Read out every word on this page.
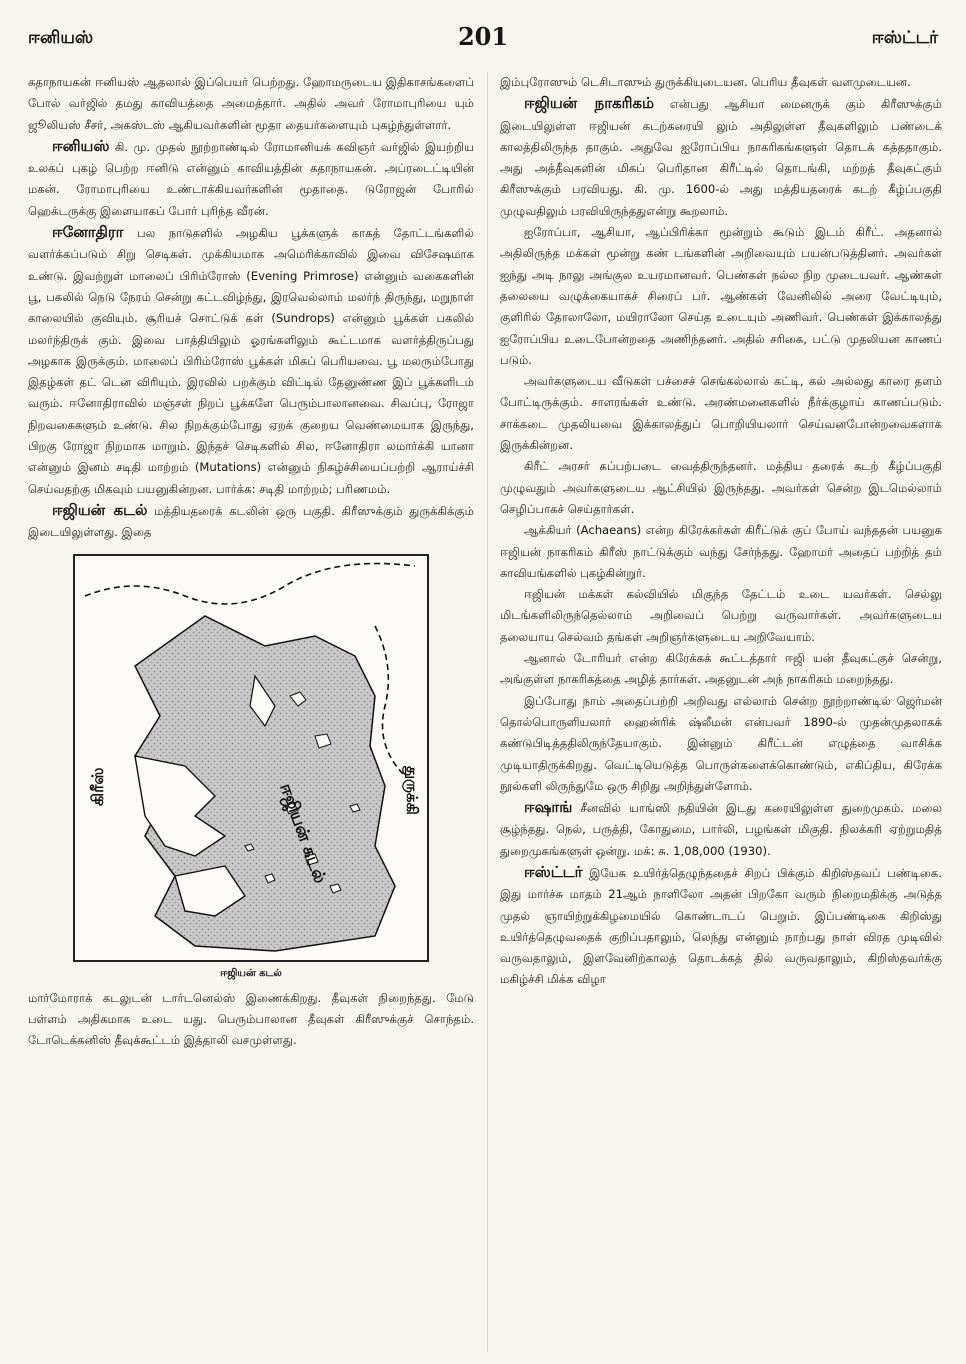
ஈனியஸ்	201	ஈஸ்ட்டர்

கதாநாயகன் ஈனியஸ் ஆதலால் இப்பெயர் பெற்றது. ஹோமருடைய இதிகாசங்களைப் போல் வர்ஜில் தமது காவியத்தை அமைத்தார். அதில் அவர் ரோமாபுரியை யும் ஜூலியஸ் சீசர், அகஸ்டஸ் ஆகியவர்களின் மூதா தையர்களையும் புகழ்ந்துள்ளார்.

ஈனியஸ் கி. மு. முதல் நூற்றாண்டில் ரோமானியக் கவிஞர் வர்ஜில் இயற்றிய உலகப் புகழ் பெற்ற ஈனிடு என்னும் காவியத்தின் கதாநாயகன். அப்ரடைட்டியின் மகன். ரோமாபுரியை உண்டாக்கியவர்களின் மூதாதை. டுரோஜன் போரில் ஹெக்டருக்கு இளையாகப் போர் புரிந்த வீரன்.

ஈனோதிரா பல நாடுகளில் அழகிய பூக்களுக் காகத் தோட்டங்களில் வளர்க்கப்படும் சிறு செடிகள். முக்கியமாக அமெரிக்காவில் இவை விசேஷமாக உண்டு. இவற்றுள் மாலைப் பிரிம்ரோஸ் (Evening Primrose) என்னும் வகைகளின் பூ, பகலில் நெடு நேரம் சென்று கட்டவிழ்ந்து, இரவெல்லாம் மலர்ந் திருந்து, மறுநாள் காலையில் குவியும். சூரியச் சொட்டுக் கள் (Sundrops) என்னும் பூக்கள் பகலில் மலர்ந்திருக் கும். இவை பாத்தியிலும் ஓரங்களிலும் கூட்டமாக வளர்த்திருப்பது அழகாக இருக்கும். மாலைப் பிரிம்ரோஸ் பூக்கள் மிகப் பெரியவை. பூ மலரும்போது இதழ்கள் தட் டென விரியும். இரவில் பறக்கும் விட்டில் தேனுண்ண இப் பூக்களிடம் வரும். ஈனோதிராவில் மஞ்சள் நிறப் பூக்களே பெரும்பாலானவை. சிவப்பு, ரோஜா நிறவகைகளும் உண்டு. சில நிறக்கும்போது ஏறக் குறைய வெண்மையாக இருந்து, பிறகு ரோஜா நிறமாக மாறும். இந்தச் செடிகளில் சில, ஈனோதிரா லமார்க்கி யானா என்னும் இனம் சடிதி மாற்றம் (Mutations) என்னும் நிகழ்ச்சியைப்பற்றி ஆராய்ச்சி செய்வதற்கு மிகவும் பயனுகின்றன. பார்க்க: சடிதி மாற்றம்; பரிணமம்.

ஈஜியன் கடல் மத்தியதரைக் கடலின் ஒரு பகுதி. கிரீஸுக்கும் துருக்கிக்கும் இடையிலுள்ளது. இதை

கிரீஸ்	துருக்கி
ஈஜியன் கடல்
ஈஜியன் கடல்

மார்மோராக் கடலுடன் டார்டனெல்ஸ் இணைக்கிறது. தீவுகள் நிறைந்தது. மேடு பள்ளம் அதிகமாக உடை யது. பெரும்பாலான தீவுகள் கிரீஸுக்குச் சொந்தம். டோடெக்கனிஸ் தீவுக்கூட்டம் இத்தாலி வசமுள்ளது.

இம்புரோஸும் டெசிடாஸும் துருக்கியுடையன. பெரிய தீவுகள் வளமுடையன.

ஈஜியன் நாகரிகம் என்பது ஆசியா மைனருக் கும் கிரீஸுக்கும் இடையிலுள்ள ஈஜியன் கடற்கரையி லும் அதிலுள்ள தீவுகளிலும் பண்டைக் காலத்திலிருந்த தாகும். அதுவே ஐரோப்பிய நாகரிகங்களுள் தொடக் கத்ததாகும். அது அத்தீவுகளின் மிகப் பெரிதான கிரீட்டில் தொடங்கி, மற்றத் தீவுகட்கும் கிரீஸுக்கும் பரவியது. கி. மு. 1600-ல் அது மத்தியதரைக் கடற் கீழ்ப்பகுதி முழுவதிலும் பரவியிருந்ததுஎன்று கூறலாம்.

ஐரோப்பா, ஆசியா, ஆப்பிரிக்கா மூன்றும் கூடும் இடம் கிரீட். அதனால் அதிலிருந்த மக்கள் மூன்று கண் டங்களின் அறிவையும் பயன்படுத்தினர். அவர்கள் ஐந்து அடி நாலு அங்குல உயரமானவர். பெண்கள் நல்ல நிற முடையவர். ஆண்கள் தலையை வழுக்கையாகச் சிரைப் பர். ஆண்கள் வேனிலில் அரை வேட்டியும், குளிரில் தோலாலோ, மயிராலோ செய்த உடையும் அணிவர். பெண்கள் இக்காலத்து ஐரோப்பிய உடைபோன்றதை அணிந்தனர். அதில் சரிகை, பட்டு முதலியன காணப் படும்.

அவர்களுடைய வீடுகள் பச்சைச் செங்கல்லால் கட்டி, கல் அல்லது காரை தளம் போட்டிருக்கும். சாளரங்கள் உண்டு. அரண்மனைகளில் நீர்க்குழாய் காணப்படும். சாக்கடை முதலியவை இக்காலத்துப் பொறியியலார் செய்வனபோன்றவைகளாக இருக்கின்றன.

கிரீட் அரசர் கப்பற்படை வைத்திருந்தனர். மத்திய தரைக் கடற் கீழ்ப்பகுதி முழுவதும் அவர்களுடைய ஆட்சியில் இருந்தது. அவர்கள் சென்ற இடமெல்லாம் செழிப்பாகச் செய்தார்கள்.

ஆக்கியர் (Achaeans) என்ற கிரேக்கர்கள் கிரீட்டுக் குப் போய் வந்ததன் பயனுக ஈஜியன் நாகரிகம் கிரீஸ் நாட்டுக்கும் வந்து சேர்ந்தது. ஹோமர் அதைப் பற்றித் தம் காவியங்களில் புகழ்கின்றுர்.

ஈஜியன் மக்கள் கல்வியில் மிகுந்த தேட்டம் உடை யவர்கள். செல்லு மிடங்களிலிருந்தெல்லாம் அறிவைப் பெற்று வருவார்கள். அவர்களுடைய தலையாய செல்வம் தங்கள் அறிஞர்களுடைய அறிவேயாம்.

ஆனால் டோரியர் என்ற கிரேக்கக் கூட்டத்தார் ஈஜி யன் தீவுகட்குச் சென்று, அங்குள்ள நாகரிகத்தை அழித் தார்கள். அதனுடன் அந் நாகரிகம் மறைந்தது.

இப்போது நாம் அதைப்பற்றி அறிவது எல்லாம் சென்ற நூற்றாண்டில் ஜெர்மன் தொல்பொருளியலார் ஹைன்ரிக் ஷ்லீமன் என்பவர் 1890-ல் முதன்முதலாகக் கண்டுபிடித்ததிலிருந்தேயாகும். இன்னும் கிரீட்டன் எழுத்தை வாசிக்க முடியாதிருக்கிறது. வெட்டியெடுத்த பொருள்களைக்கொண்டும், எகிப்திய, கிரேக்க நூல்களி லிருந்துமே ஒரு சிறிது அறிந்துள்ளோம்.

ஈஷாங் சீனவில் யாங்ஸி நதியின் இடது கரையிலுள்ள துறைமுகம். மலை சூழ்ந்தது. நெல், பருத்தி, கோதுமை, பார்லி, பழங்கள் மிகுதி. நிலக்கரி ஏற்றுமதித் துறைமுகங்களுள் ஒன்று. மக்: சு. 1,08,000 (1930).

ஈஸ்ட்டர் இயேசு உயிர்த்தெழுந்ததைச் சிறப் பிக்கும் கிறிஸ்தவப் பண்டிகை. இது மார்ச்சு மாதம் 21ஆம் நாளிலோ அதன் பிறகோ வரும் நிறைமதிக்கு அடுத்த முதல் ஞாயிற்றுக்கிழமையில் கொண்டாடப் பெறும். இப்பண்டிகை கிறிஸ்து உயிர்த்தெழுவதைக் குறிப்பதாலும், லெந்து என்னும் நாற்பது நாள் விரத முடிவில் வருவதாலும், இளவேனிற்காலத் தொடக்கத் தில் வருவதாலும், கிறிஸ்தவர்க்கு மகிழ்ச்சி மிக்க விழா
